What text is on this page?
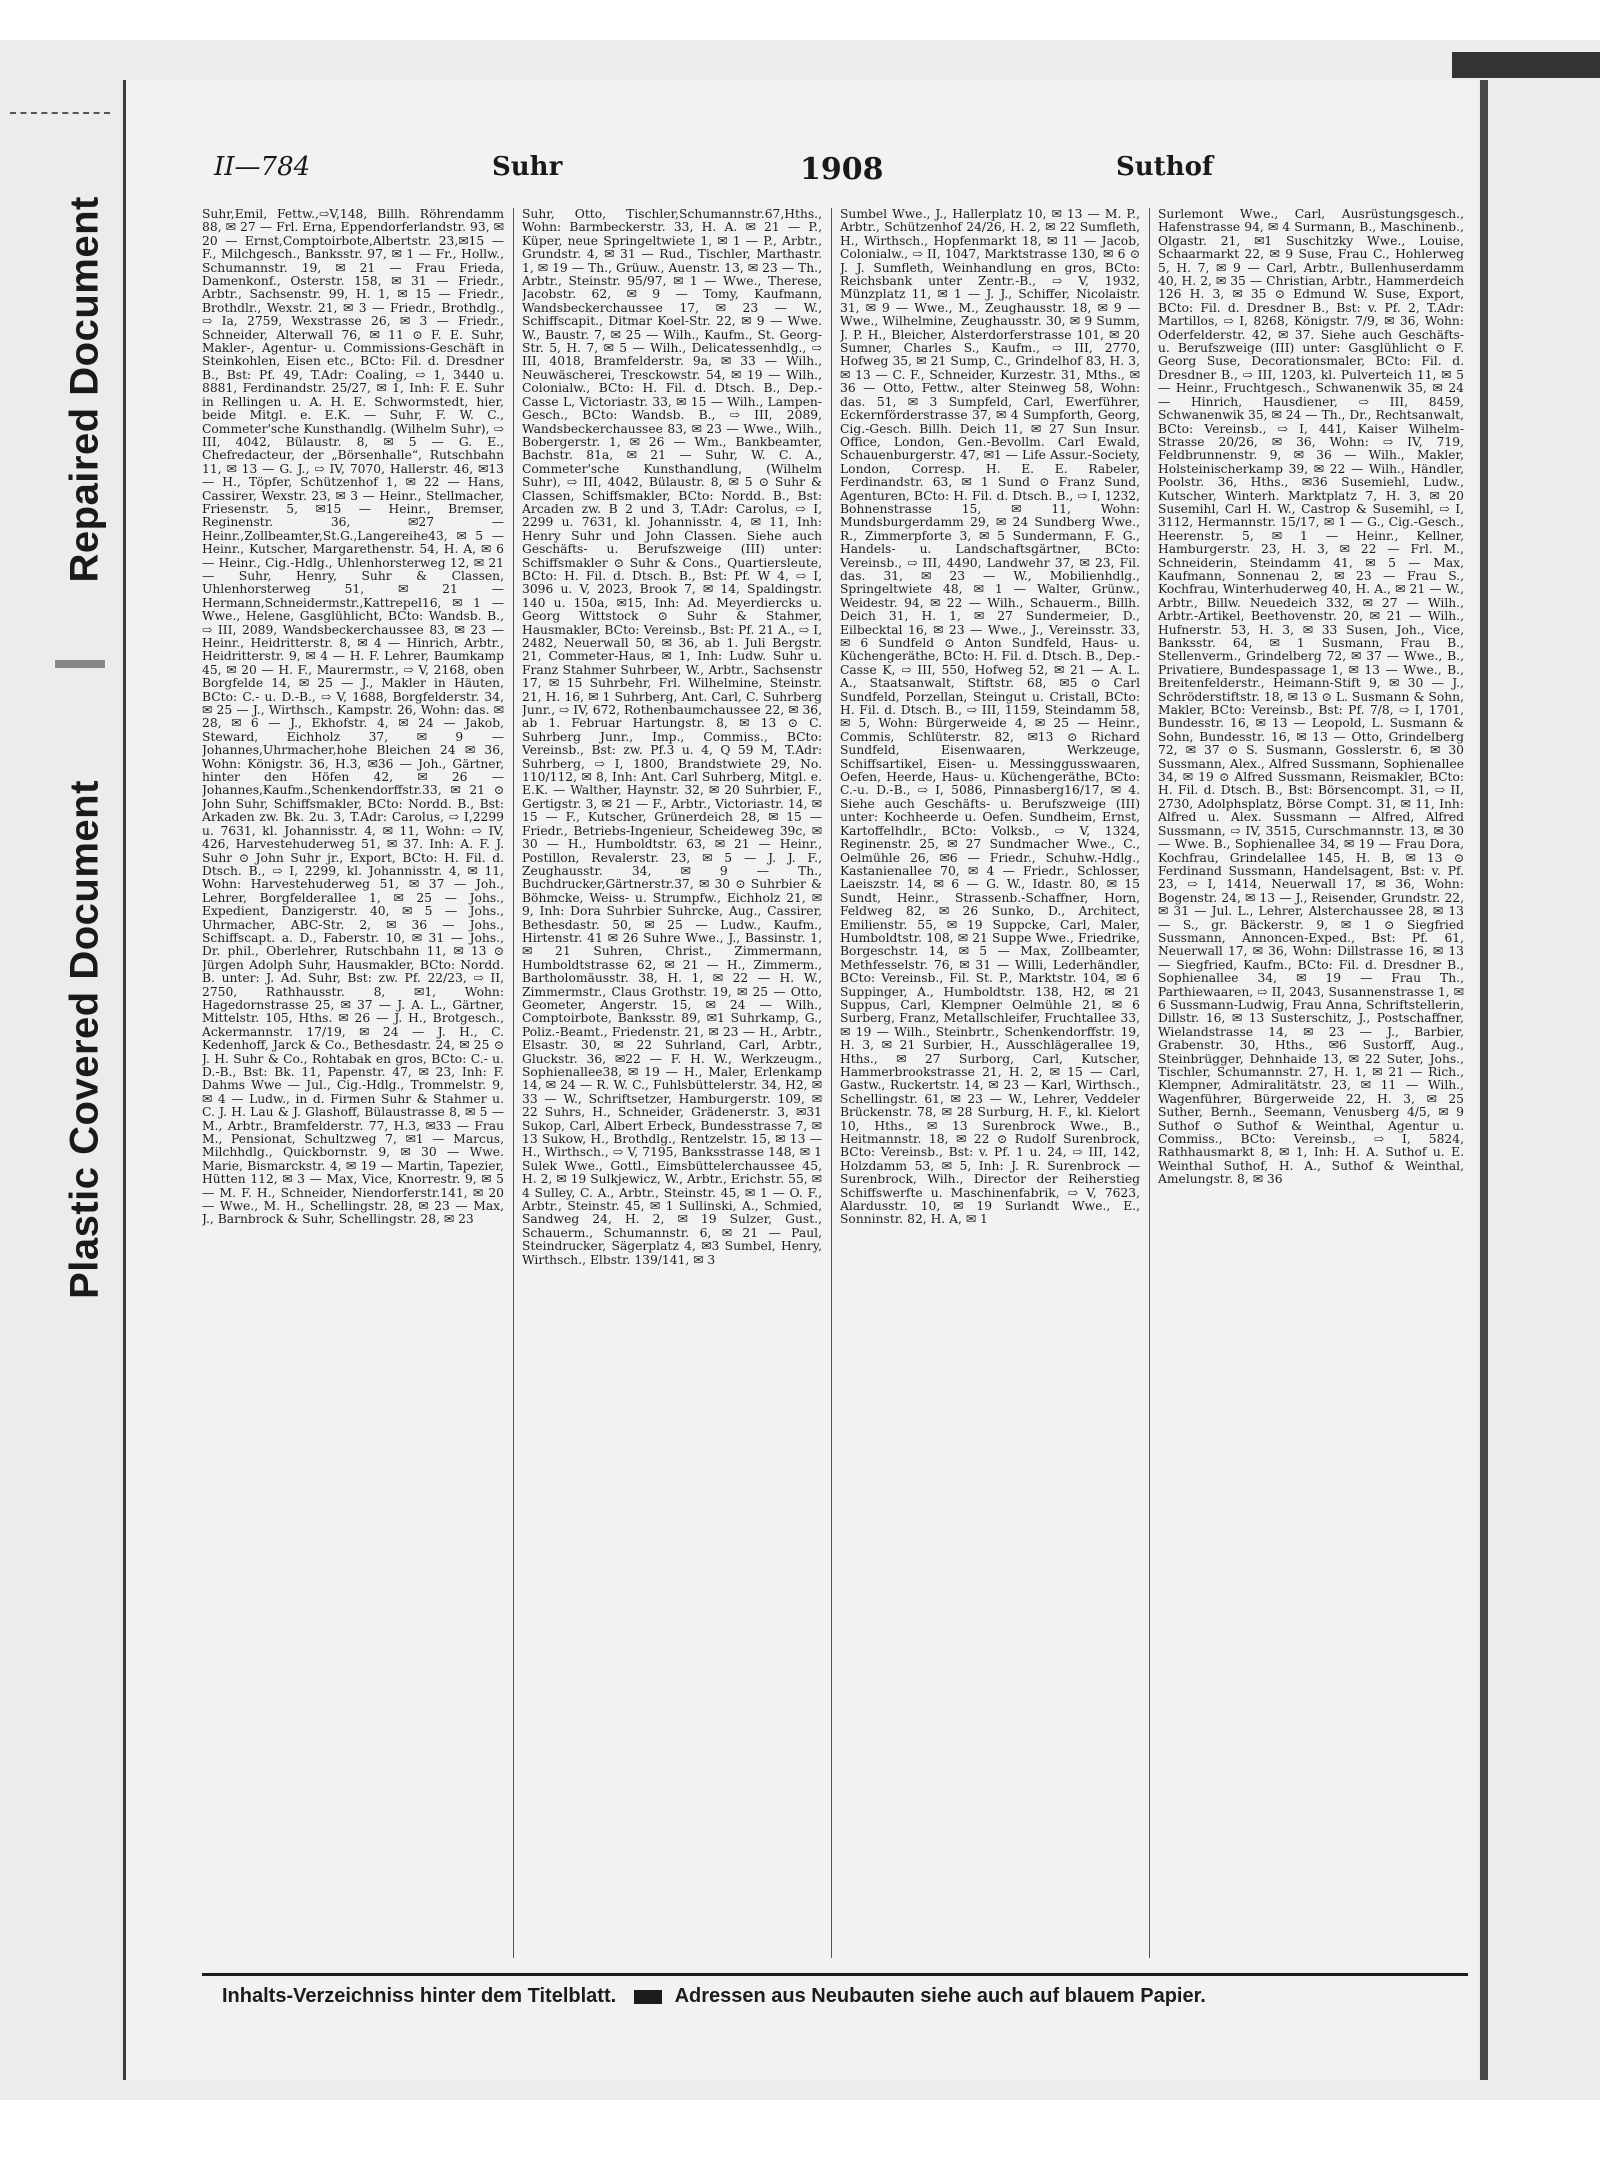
Repaired Document
Plastic Covered Document
II—784	Suhr	1908	Suthof

Suhr,Emil, Fettw.,⇨V,148, Billh. Röhrendamm 88, ✉ 27 — Frl. Erna, Eppendorferlandstr. 93, ✉ 20 — Ernst,Comptoirbote,Albertstr. 23,✉15 — F., Milchgesch., Banksstr. 97, ✉ 1 — Fr., Hollw., Schumannstr. 19, ✉ 21 — Frau Frieda, Damenkonf., Osterstr. 158, ✉ 31 — Friedr., Arbtr., Sachsenstr. 99, H. 1, ✉ 15 — Friedr., Brothdlr., Wexstr. 21, ✉ 3 — Friedr., Brothdlg., ⇨ Ia, 2759, Wexstrasse 26, ✉ 3 — Friedr., Schneider, Alterwall 76, ✉ 11 ⊙ F. E. Suhr, Makler-, Agentur- u. Commissions-Geschäft in Steinkohlen, Eisen etc., BCto: Fil. d. Dresdner B., Bst: Pf. 49, T.Adr: Coaling, ⇨ 1, 3440 u. 8881, Ferdinandstr. 25/27, ✉ 1, Inh: F. E. Suhr in Rellingen u. A. H. E. Schwormstedt, hier, beide Mitgl. e. E.K. — Suhr, F. W. C., Commeter'sche Kunsthandlg. (Wilhelm Suhr), ⇨ III, 4042, Bülaustr. 8, ✉ 5 — G. E., Chefredacteur, der „Börsenhalle“, Rutschbahn 11, ✉ 13 — G. J., ⇨ IV, 7070, Hallerstr. 46, ✉13 — H., Töpfer, Schützenhof 1, ✉ 22 — Hans, Cassirer, Wexstr. 23, ✉ 3 — Heinr., Stellmacher, Friesenstr. 5, ✉15 — Heinr., Bremser, Reginenstr. 36, ✉27 — Heinr.,Zollbeamter,St.G.,Langereihe43, ✉ 5 — Heinr., Kutscher, Margarethenstr. 54, H. A, ✉ 6 — Heinr., Cig.-Hdlg., Uhlenhorsterweg 12, ✉ 21 — Suhr, Henry, Suhr & Classen, Uhlenhorsterweg 51, ✉ 21 — Hermann,Schneidermstr.,Kattrepel16, ✉ 1 — Wwe., Helene, Gasglühlicht, BCto: Wandsb. B., ⇨ III, 2089, Wandsbeckerchaussee 83, ✉ 23 — Heinr., Heidritterstr. 8, ✉ 4 — Hinrich, Arbtr., Heidritterstr. 9, ✉ 4 — H. F. Lehrer, Baumkamp 45, ✉ 20 — H. F., Maurermstr., ⇨ V, 2168, oben Borgfelde 14, ✉ 25 — J., Makler in Häuten, BCto: C.- u. D.-B., ⇨ V, 1688, Borgfelderstr. 34, ✉ 25 — J., Wirthsch., Kampstr. 26, Wohn: das. ✉ 28, ✉ 6 — J., Ekhofstr. 4, ✉ 24 — Jakob, Steward, Eichholz 37, ✉ 9 — Johannes,Uhrmacher,hohe Bleichen 24 ✉ 36, Wohn: Königstr. 36, H.3, ✉36 — Joh., Gärtner, hinter den Höfen 42, ✉ 26 — Johannes,Kaufm.,Schenkendorffstr.33, ✉ 21 ⊙ John Suhr, Schiffsmakler, BCto: Nordd. B., Bst: Arkaden zw. Bk. 2u. 3, T.Adr: Carolus, ⇨ I,2299 u. 7631, kl. Johannisstr. 4, ✉ 11, Wohn: ⇨ IV, 426, Harvestehuderweg 51, ✉ 37. Inh: A. F. J. Suhr ⊙ John Suhr jr., Export, BCto: H. Fil. d. Dtsch. B., ⇨ I, 2299, kl. Johannisstr. 4, ✉ 11, Wohn: Harvestehuderweg 51, ✉ 37 — Joh., Lehrer, Borgfelderallee 1, ✉ 25 — Johs., Expedient, Danzigerstr. 40, ✉ 5 — Johs., Uhrmacher, ABC-Str. 2, ✉ 36 — Johs., Schiffscapt. a. D., Faberstr. 10, ✉ 31 — Johs., Dr. phil., Oberlehrer, Rutschbahn 11, ✉ 13 ⊙ Jürgen Adolph Suhr, Hausmakler, BCto: Nordd. B. unter: J. Ad. Suhr, Bst: zw. Pf. 22/23, ⇨ II, 2750, Rathhausstr. 8, ✉1, Wohn: Hagedornstrasse 25, ✉ 37 — J. A. L., Gärtner, Mittelstr. 105, Hths. ✉ 26 — J. H., Brotgesch., Ackermannstr. 17/19, ✉ 24 — J. H., C. Kedenhoff, Jarck & Co., Bethesdastr. 24, ✉ 25 ⊙ J. H. Suhr & Co., Rohtabak en gros, BCto: C.- u. D.-B., Bst: Bk. 11, Papenstr. 47, ✉ 23, Inh: F. Dahms Wwe — Jul., Cig.-Hdlg., Trommelstr. 9, ✉ 4 — Ludw., in d. Firmen Suhr & Stahmer u. C. J. H. Lau & J. Glashoff, Bülaustrasse 8, ✉ 5 — M., Arbtr., Bramfelderstr. 77, H.3, ✉33 — Frau M., Pensionat, Schultzweg 7, ✉1 — Marcus, Milchhdlg., Quickbornstr. 9, ✉ 30 — Wwe. Marie, Bismarckstr. 4, ✉ 19 — Martin, Tapezier, Hütten 112, ✉ 3 — Max, Vice, Knorrestr. 9, ✉ 5 — M. F. H., Schneider, Niendorferstr.141, ✉ 20 — Wwe., M. H., Schellingstr. 28, ✉ 23 — Max, J., Barnbrock & Suhr, Schellingstr. 28, ✉ 23

Suhr, Otto, Tischler,Schumannstr.67,Hths., Wohn: Barmbeckerstr. 33, H. A. ✉ 21 — P., Küper, neue Springeltwiete 1, ✉ 1 — P., Arbtr., Grundstr. 4, ✉ 31 — Rud., Tischler, Marthastr. 1, ✉ 19 — Th., Grüuw., Auenstr. 13, ✉ 23 — Th., Arbtr., Steinstr. 95/97, ✉ 1 — Wwe., Therese, Jacobstr. 62, ✉ 9 — Tomy, Kaufmann, Wandsbeckerchaussee 17, ✉ 23 — W., Schiffscapit., Ditmar Koel-Str. 22, ✉ 9 — Wwe. W., Baustr. 7, ✉ 25 — Wilh., Kaufm., St. Georg-Str. 5, H. 7, ✉ 5 — Wilh., Delicatessenhdlg., ⇨ III, 4018, Bramfelderstr. 9a, ✉ 33 — Wilh., Neuwäscherei, Tresckowstr. 54, ✉ 19 — Wilh., Colonialw., BCto: H. Fil. d. Dtsch. B., Dep.-Casse L, Victoriastr. 33, ✉ 15 — Wilh., Lampen-Gesch., BCto: Wandsb. B., ⇨ III, 2089, Wandsbeckerchaussee 83, ✉ 23 — Wwe., Wilh., Bobergerstr. 1, ✉ 26 — Wm., Bankbeamter, Bachstr. 81a, ✉ 21 — Suhr, W. C. A., Commeter'sche Kunsthandlung, (Wilhelm Suhr), ⇨ III, 4042, Bülaustr. 8, ✉ 5 ⊙ Suhr & Classen, Schiffsmakler, BCto: Nordd. B., Bst: Arcaden zw. B 2 und 3, T.Adr: Carolus, ⇨ I, 2299 u. 7631, kl. Johannisstr. 4, ✉ 11, Inh: Henry Suhr und John Classen. Siehe auch Geschäfts- u. Berufszweige (III) unter: Schiffsmakler ⊙ Suhr & Cons., Quartiersleute, BCto: H. Fil. d. Dtsch. B., Bst: Pf. W 4, ⇨ I, 3096 u. V, 2023, Brook 7, ✉ 14, Spaldingstr. 140 u. 150a, ✉15, Inh: Ad. Meyerdiercks u. Georg Wittstock ⊙ Suhr & Stahmer, Hausmakler, BCto: Vereinsb., Bst: Pf. 21 A., ⇨ I, 2482, Neuerwall 50, ✉ 36, ab 1. Juli Bergstr. 21, Commeter-Haus, ✉ 1, Inh: Ludw. Suhr u. Franz Stahmer Suhrbeer, W., Arbtr., Sachsenstr 17, ✉ 15 Suhrbehr, Frl. Wilhelmine, Steinstr. 21, H. 16, ✉ 1 Suhrberg, Ant. Carl, C. Suhrberg Junr., ⇨ IV, 672, Rothenbaumchaussee 22, ✉ 36, ab 1. Februar Hartungstr. 8, ✉ 13 ⊙ C. Suhrberg Junr., Imp., Commiss., BCto: Vereinsb., Bst: zw. Pf.3 u. 4, Q 59 M, T.Adr: Suhrberg, ⇨ I, 1800, Brandstwiete 29, No. 110/112, ✉ 8, Inh: Ant. Carl Suhrberg, Mitgl. e. E.K. — Walther, Haynstr. 32, ✉ 20 Suhrbier, F., Gertigstr. 3, ✉ 21 — F., Arbtr., Victoriastr. 14, ✉ 15 — F., Kutscher, Grünerdeich 28, ✉ 15 — Friedr., Betriebs-Ingenieur, Scheideweg 39c, ✉ 30 — H., Humboldtstr. 63, ✉ 21 — Heinr., Postillon, Revalerstr. 23, ✉ 5 — J. J. F., Zeughausstr. 34, ✉ 9 — Th., Buchdrucker,Gärtnerstr.37, ✉ 30 ⊙ Suhrbier & Böhmcke, Weiss- u. Strumpfw., Eichholz 21, ✉ 9, Inh: Dora Suhrbier Suhrcke, Aug., Cassirer, Bethesdastr. 50, ✉ 25 — Ludw., Kaufm., Hirtenstr. 41 ✉ 26 Suhre Wwe., J., Bassinstr. 1, ✉ 21 Suhren, Christ., Zimmermann, Humboldtstrasse 62, ✉ 21 — H., Zimmerm., Bartholomäusstr. 38, H. 1, ✉ 22 — H. W., Zimmermstr., Claus Grothstr. 19, ✉ 25 — Otto, Geometer, Angerstr. 15, ✉ 24 — Wilh., Comptoirbote, Banksstr. 89, ✉1 Suhrkamp, G., Poliz.-Beamt., Friedenstr. 21, ✉ 23 — H., Arbtr., Elsastr. 30, ✉ 22 Suhrland, Carl, Arbtr., Gluckstr. 36, ✉22 — F. H. W., Werkzeugm., Sophienallee38, ✉ 19 — H., Maler, Erlenkamp 14, ✉ 24 — R. W. C., Fuhlsbüttelerstr. 34, H2, ✉33 — W., Schriftsetzer, Hamburgerstr. 109, ✉ 22 Suhrs, H., Schneider, Grädenerstr. 3, ✉31 Sukop, Carl, Albert Erbeck, Bundesstrasse 7, ✉ 13 Sukow, H., Brothdlg., Rentzelstr. 15, ✉ 13 — H., Wirthsch., ⇨ V, 7195, Banksstrasse 148, ✉ 1 Sulek Wwe., Gottl., Eimsbüttelerchaussee 45, H. 2, ✉ 19 Sulkjewicz, W., Arbtr., Erichstr. 55, ✉ 4 Sulley, C. A., Arbtr., Steinstr. 45, ✉ 1 — O. F., Arbtr., Steinstr. 45, ✉ 1 Sullinski, A., Schmied, Sandweg 24, H. 2, ✉ 19 Sulzer, Gust., Schauerm., Schumannstr. 6, ✉ 21 — Paul, Steindrucker, Sägerplatz 4, ✉3 Sumbel, Henry, Wirthsch., Elbstr. 139/141, ✉ 3

Sumbel Wwe., J., Hallerplatz 10, ✉ 13 — M. P., Arbtr., Schützenhof 24/26, H. 2, ✉ 22 Sumfleth, H., Wirthsch., Hopfenmarkt 18, ✉ 11 — Jacob, Colonialw., ⇨ II, 1047, Marktstrasse 130, ✉ 6 ⊙ J. J. Sumfleth, Weinhandlung en gros, BCto: Reichsbank unter Zentr.-B., ⇨ V, 1932, Münzplatz 11, ✉ 1 — J. J., Schiffer, Nicolaistr. 31, ✉ 9 — Wwe., M., Zeughausstr. 18, ✉ 9 — Wwe., Wilhelmine, Zeughausstr. 30, ✉ 9 Summ, J. P. H., Bleicher, Alsterdorferstrasse 101, ✉ 20 Sumner, Charles S., Kaufm., ⇨ III, 2770, Hofweg 35, ✉ 21 Sump, C., Grindelhof 83, H. 3, ✉ 13 — C. F., Schneider, Kurzestr. 31, Mths., ✉ 36 — Otto, Fettw., alter Steinweg 58, Wohn: das. 51, ✉ 3 Sumpfeld, Carl, Ewerführer, Eckernförderstrasse 37, ✉ 4 Sumpforth, Georg, Cig.-Gesch. Billh. Deich 11, ✉ 27 Sun Insur. Office, London, Gen.-Bevollm. Carl Ewald, Schauenburgerstr. 47, ✉1 — Life Assur.-Society, London, Corresp. H. E. E. Rabeler, Ferdinandstr. 63, ✉ 1 Sund ⊙ Franz Sund, Agenturen, BCto: H. Fil. d. Dtsch. B., ⇨ I, 1232, Bohnenstrasse 15, ✉ 11, Wohn: Mundsburgerdamm 29, ✉ 24 Sundberg Wwe., R., Zimmerpforte 3, ✉ 5 Sundermann, F. G., Handels- u. Landschaftsgärtner, BCto: Vereinsb., ⇨ III, 4490, Landwehr 37, ✉ 23, Fil. das. 31, ✉ 23 — W., Mobilienhdlg., Springeltwiete 48, ✉ 1 — Walter, Grünw., Weidestr. 94, ✉ 22 — Wilh., Schauerm., Billh. Deich 31, H. 1, ✉ 27 Sundermeier, D., Eilbecktal 16, ✉ 23 — Wwe., J., Vereinsstr. 33, ✉ 6 Sundfeld ⊙ Anton Sundfeld, Haus- u. Küchengeräthe, BCto: H. Fil. d. Dtsch. B., Dep.-Casse K, ⇨ III, 550, Hofweg 52, ✉ 21 — A. L. A., Staatsanwalt, Stiftstr. 68, ✉5 ⊙ Carl Sundfeld, Porzellan, Steingut u. Cristall, BCto: H. Fil. d. Dtsch. B., ⇨ III, 1159, Steindamm 58, ✉ 5, Wohn: Bürgerweide 4, ✉ 25 — Heinr., Commis, Schlüterstr. 82, ✉13 ⊙ Richard Sundfeld, Eisenwaaren, Werkzeuge, Schiffsartikel, Eisen- u. Messinggusswaaren, Oefen, Heerde, Haus- u. Küchengeräthe, BCto: C.-u. D.-B., ⇨ I, 5086, Pinnasberg16/17, ✉ 4. Siehe auch Geschäfts- u. Berufszweige (III) unter: Kochheerde u. Oefen. Sundheim, Ernst, Kartoffelhdlr., BCto: Volksb., ⇨ V, 1324, Reginenstr. 25, ✉ 27 Sundmacher Wwe., C., Oelmühle 26, ✉6 — Friedr., Schuhw.-Hdlg., Kastanienallee 70, ✉ 4 — Friedr., Schlosser, Laeiszstr. 14, ✉ 6 — G. W., Idastr. 80, ✉ 15 Sundt, Heinr., Strassenb.-Schaffner, Horn, Feldweg 82, ✉ 26 Sunko, D., Architect, Emilienstr. 55, ✉ 19 Suppcke, Carl, Maler, Humboldtstr. 108, ✉ 21 Suppe Wwe., Friedrike, Borgeschstr. 14, ✉ 5 — Max, Zollbeamter, Methfesselstr. 76, ✉ 31 — Willi, Lederhändler, BCto: Vereinsb., Fil. St. P., Marktstr. 104, ✉ 6 Suppinger, A., Humboldtstr. 138, H2, ✉ 21 Suppus, Carl, Klempner Oelmühle 21, ✉ 6 Surberg, Franz, Metallschleifer, Fruchtallee 33, ✉ 19 — Wilh., Steinbrtr., Schenkendorffstr. 19, H. 3, ✉ 21 Surbier, H., Ausschlägerallee 19, Hths., ✉ 27 Surborg, Carl, Kutscher, Hammerbrookstrasse 21, H. 2, ✉ 15 — Carl, Gastw., Ruckertstr. 14, ✉ 23 — Karl, Wirthsch., Schellingstr. 61, ✉ 23 — W., Lehrer, Veddeler Brückenstr. 78, ✉ 28 Surburg, H. F., kl. Kielort 10, Hths., ✉ 13 Surenbrock Wwe., B., Heitmannstr. 18, ✉ 22 ⊙ Rudolf Surenbrock, BCto: Vereinsb., Bst: v. Pf. 1 u. 24, ⇨ III, 142, Holzdamm 53, ✉ 5, Inh: J. R. Surenbrock — Surenbrock, Wilh., Director der Reiherstieg Schiffswerfte u. Maschinenfabrik, ⇨ V, 7623, Alardusstr. 10, ✉ 19 Surlandt Wwe., E., Sonninstr. 82, H. A, ✉ 1

Surlemont Wwe., Carl, Ausrüstungsgesch., Hafenstrasse 94, ✉ 4 Surmann, B., Maschinenb., Olgastr. 21, ✉1 Suschitzky Wwe., Louise, Schaarmarkt 22, ✉ 9 Suse, Frau C., Hohlerweg 5, H. 7, ✉ 9 — Carl, Arbtr., Bullenhuserdamm 40, H. 2, ✉ 35 — Christian, Arbtr., Hammerdeich 126 H. 3, ✉ 35 ⊙ Edmund W. Suse, Export, BCto: Fil. d. Dresdner B., Bst: v. Pf. 2, T.Adr: Martillos, ⇨ I, 8268, Königstr. 7/9, ✉ 36, Wohn: Oderfelderstr. 42, ✉ 37. Siehe auch Geschäfts- u. Berufszweige (III) unter: Gasglühlicht ⊙ F. Georg Suse, Decorationsmaler, BCto: Fil. d. Dresdner B., ⇨ III, 1203, kl. Pulverteich 11, ✉ 5 — Heinr., Fruchtgesch., Schwanenwik 35, ✉ 24 — Hinrich, Hausdiener, ⇨ III, 8459, Schwanenwik 35, ✉ 24 — Th., Dr., Rechtsanwalt, BCto: Vereinsb., ⇨ I, 441, Kaiser Wilhelm-Strasse 20/26, ✉ 36, Wohn: ⇨ IV, 719, Feldbrunnenstr. 9, ✉ 36 — Wilh., Makler, Holsteinischerkamp 39, ✉ 22 — Wilh., Händler, Poolstr. 36, Hths., ✉36 Susemiehl, Ludw., Kutscher, Winterh. Marktplatz 7, H. 3, ✉ 20 Susemihl, Carl H. W., Castrop & Susemihl, ⇨ I, 3112, Hermannstr. 15/17, ✉ 1 — G., Cig.-Gesch., Heerenstr. 5, ✉ 1 — Heinr., Kellner, Hamburgerstr. 23, H. 3, ✉ 22 — Frl. M., Schneiderin, Steindamm 41, ✉ 5 — Max, Kaufmann, Sonnenau 2, ✉ 23 — Frau S., Kochfrau, Winterhuderweg 40, H. A., ✉ 21 — W., Arbtr., Billw. Neuedeich 332, ✉ 27 — Wilh., Arbtr.-Artikel, Beethovenstr. 20, ✉ 21 — Wilh., Hufnerstr. 53, H. 3, ✉ 33 Susen, Joh., Vice, Banksstr. 64, ✉ 1 Susmann, Frau B., Stellenverm., Grindelberg 72, ✉ 37 — Wwe., B., Privatiere, Bundespassage 1, ✉ 13 — Wwe., B., Breitenfelderstr., Heimann-Stift 9, ✉ 30 — J., Schröderstiftstr. 18, ✉ 13 ⊙ L. Susmann & Sohn, Makler, BCto: Vereinsb., Bst: Pf. 7/8, ⇨ I, 1701, Bundesstr. 16, ✉ 13 — Leopold, L. Susmann & Sohn, Bundesstr. 16, ✉ 13 — Otto, Grindelberg 72, ✉ 37 ⊙ S. Susmann, Gosslerstr. 6, ✉ 30 Sussmann, Alex., Alfred Sussmann, Sophienallee 34, ✉ 19 ⊙ Alfred Sussmann, Reismakler, BCto: H. Fil. d. Dtsch. B., Bst: Börsencompt. 31, ⇨ II, 2730, Adolphsplatz, Börse Compt. 31, ✉ 11, Inh: Alfred u. Alex. Sussmann — Alfred, Alfred Sussmann, ⇨ IV, 3515, Curschmannstr. 13, ✉ 30 — Wwe. B., Sophienallee 34, ✉ 19 — Frau Dora, Kochfrau, Grindelallee 145, H. B, ✉ 13 ⊙ Ferdinand Sussmann, Handelsagent, Bst: v. Pf. 23, ⇨ I, 1414, Neuerwall 17, ✉ 36, Wohn: Bogenstr. 24, ✉ 13 — J., Reisender, Grundstr. 22, ✉ 31 — Jul. L., Lehrer, Alsterchaussee 28, ✉ 13 — S., gr. Bäckerstr. 9, ✉ 1 ⊙ Siegfried Sussmann, Annoncen-Exped., Bst: Pf. 61, Neuerwall 17, ✉ 36, Wohn: Dillstrasse 16, ✉ 13 — Siegfried, Kaufm., BCto: Fil. d. Dresdner B., Sophienallee 34, ✉ 19 — Frau Th., Parthiewaaren, ⇨ II, 2043, Susannenstrasse 1, ✉ 6 Sussmann-Ludwig, Frau Anna, Schriftstellerin, Dillstr. 16, ✉ 13 Susterschitz, J., Postschaffner, Wielandstrasse 14, ✉ 23 — J., Barbier, Grabenstr. 30, Hths., ✉6 Sustorff, Aug., Steinbrügger, Dehnhaide 13, ✉ 22 Suter, Johs., Tischler, Schumannstr. 27, H. 1, ✉ 21 — Rich., Klempner, Admiralitätstr. 23, ✉ 11 — Wilh., Wagenführer, Bürgerweide 22, H. 3, ✉ 25 Suther, Bernh., Seemann, Venusberg 4/5, ✉ 9 Suthof ⊙ Suthof & Weinthal, Agentur u. Commiss., BCto: Vereinsb., ⇨ I, 5824, Rathhausmarkt 8, ✉ 1, Inh: H. A. Suthof u. E. Weinthal Suthof, H. A., Suthof & Weinthal, Amelungstr. 8, ✉ 36

Inhalts-Verzeichniss hinter dem Titelblatt.	Adressen aus Neubauten siehe auch auf blauem Papier.
